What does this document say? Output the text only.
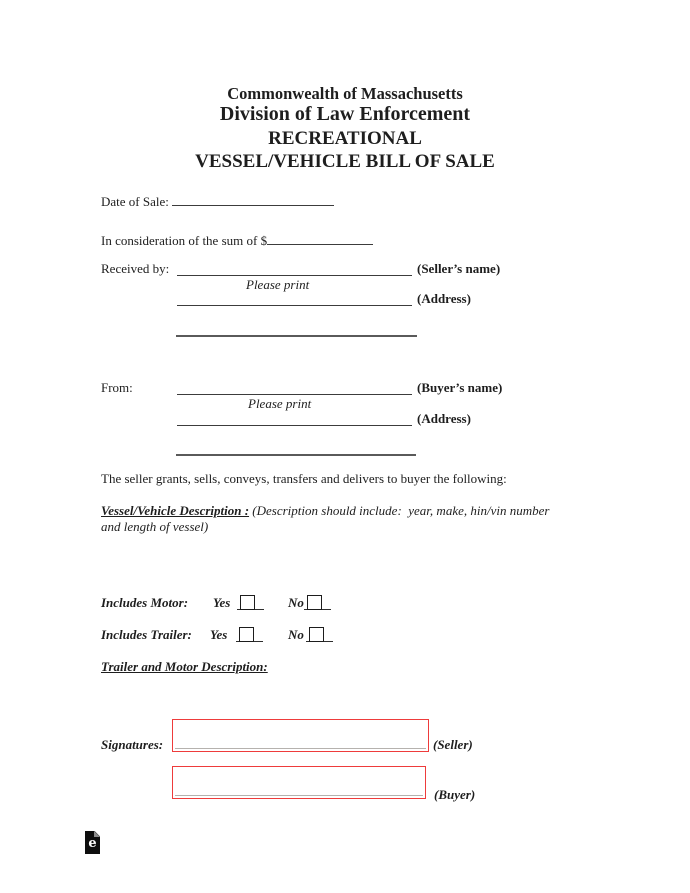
Commonwealth of Massachusetts
Division of Law Enforcement
RECREATIONAL
VESSEL/VEHICLE BILL OF SALE
Date of Sale:
In consideration of the sum of $
Received by:	(Seller’s name)
Please print
(Address)
From:	(Buyer’s name)
Please print
(Address)
The seller grants, sells, conveys, transfers and delivers to buyer the following:
Vessel/Vehicle Description : (Description should include:  year, make, hin/vin number
and length of vessel)
Includes Motor: Yes	No
Includes Trailer: Yes	No
Trailer and Motor Description:
Signatures:	(Seller)
(Buyer)
e
